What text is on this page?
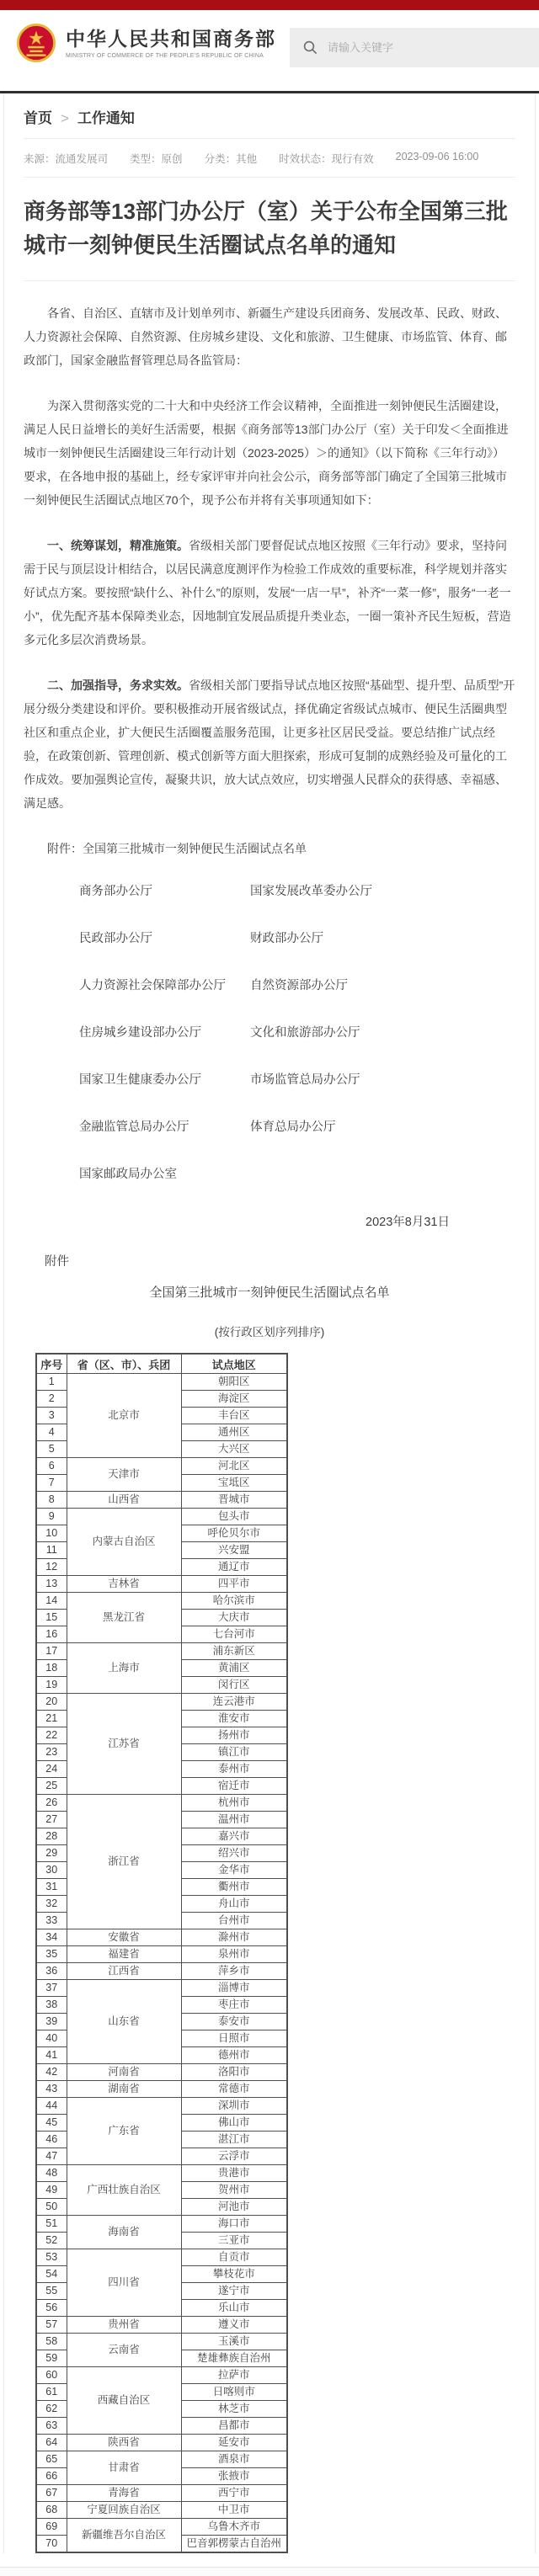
中华人民共和国商务部
MINISTRY OF COMMERCE OF THE PEOPLE'S REPUBLIC OF CHINA
请输入关键字
首页 > 工作通知
来源：流通发展司 类型：原创 分类：其他 时效状态：现行有效 2023-09-06 16:00
商务部等13部门办公厅（室）关于公布全国第三批城市一刻钟便民生活圈试点名单的通知

各省、自治区、直辖市及计划单列市、新疆生产建设兵团商务、发展改革、民政、财政、人力资源社会保障、自然资源、住房城乡建设、文化和旅游、卫生健康、市场监管、体育、邮政部门，国家金融监督管理总局各监管局：

为深入贯彻落实党的二十大和中央经济工作会议精神，全面推进一刻钟便民生活圈建设，满足人民日益增长的美好生活需要，根据《商务部等13部门办公厅（室）关于印发＜全面推进城市一刻钟便民生活圈建设三年行动计划（2023-2025）＞的通知》（以下简称《三年行动》）要求，在各地申报的基础上，经专家评审并向社会公示，商务部等部门确定了全国第三批城市一刻钟便民生活圈试点地区70个，现予公布并将有关事项通知如下：

一、统筹谋划，精准施策。省级相关部门要督促试点地区按照《三年行动》要求，坚持问需于民与顶层设计相结合，以居民满意度测评作为检验工作成效的重要标准，科学规划并落实好试点方案。要按照“缺什么、补什么”的原则，发展“一店一早”，补齐“一菜一修”，服务“一老一小”，优先配齐基本保障类业态，因地制宜发展品质提升类业态，一圈一策补齐民生短板，营造多元化多层次消费场景。

二、加强指导，务求实效。省级相关部门要指导试点地区按照“基础型、提升型、品质型”开展分级分类建设和评价。要积极推动开展省级试点，择优确定省级试点城市、便民生活圈典型社区和重点企业，扩大便民生活圈覆盖服务范围，让更多社区居民受益。要总结推广试点经验，在政策创新、管理创新、模式创新等方面大胆探索，形成可复制的成熟经验及可量化的工作成效。要加强舆论宣传，凝聚共识，放大试点效应，切实增强人民群众的获得感、幸福感、满足感。

附件：全国第三批城市一刻钟便民生活圈试点名单

商务部办公厅	国家发展改革委办公厅
民政部办公厅	财政部办公厅
人力资源社会保障部办公厅 自然资源部办公厅
住房城乡建设部办公厅	文化和旅游部办公厅
国家卫生健康委办公厅	市场监管总局办公厅
金融监管总局办公厅	体育总局办公厅
国家邮政局办公室
2023年8月31日
附件
全国第三批城市一刻钟便民生活圈试点名单
(按行政区划序列排序)
序号	省（区、市）、兵团	试点地区
1	北京市	朝阳区
2		海淀区
3		丰台区
4		通州区
5		大兴区
6	天津市	河北区
7		宝坻区
8	山西省	晋城市
9	内蒙古自治区	包头市
10		呼伦贝尔市
11		兴安盟
12		通辽市
13	吉林省	四平市
14	黑龙江省	哈尔滨市
15		大庆市
16		七台河市
17	上海市	浦东新区
18		黄浦区
19		闵行区
20	江苏省	连云港市
21		淮安市
22		扬州市
23		镇江市
24		泰州市
25		宿迁市
26	浙江省	杭州市
27		温州市
28		嘉兴市
29		绍兴市
30		金华市
31		衢州市
32		舟山市
33		台州市
34	安徽省	滁州市
35	福建省	泉州市
36	江西省	萍乡市
37	山东省	淄博市
38		枣庄市
39		泰安市
40		日照市
41		德州市
42	河南省	洛阳市
43	湖南省	常德市
44	广东省	深圳市
45		佛山市
46		湛江市
47		云浮市
48	广西壮族自治区	贵港市
49		贺州市
50		河池市
51	海南省	海口市
52		三亚市
53	四川省	自贡市
54		攀枝花市
55		遂宁市
56		乐山市
57	贵州省	遵义市
58	云南省	玉溪市
59		楚雄彝族自治州
60	西藏自治区	拉萨市
61		日喀则市
62		林芝市
63		昌都市
64	陕西省	延安市
65	甘肃省	酒泉市
66		张掖市
67	青海省	西宁市
68	宁夏回族自治区	中卫市
69	新疆维吾尔自治区	乌鲁木齐市
70		巴音郭楞蒙古自治州
